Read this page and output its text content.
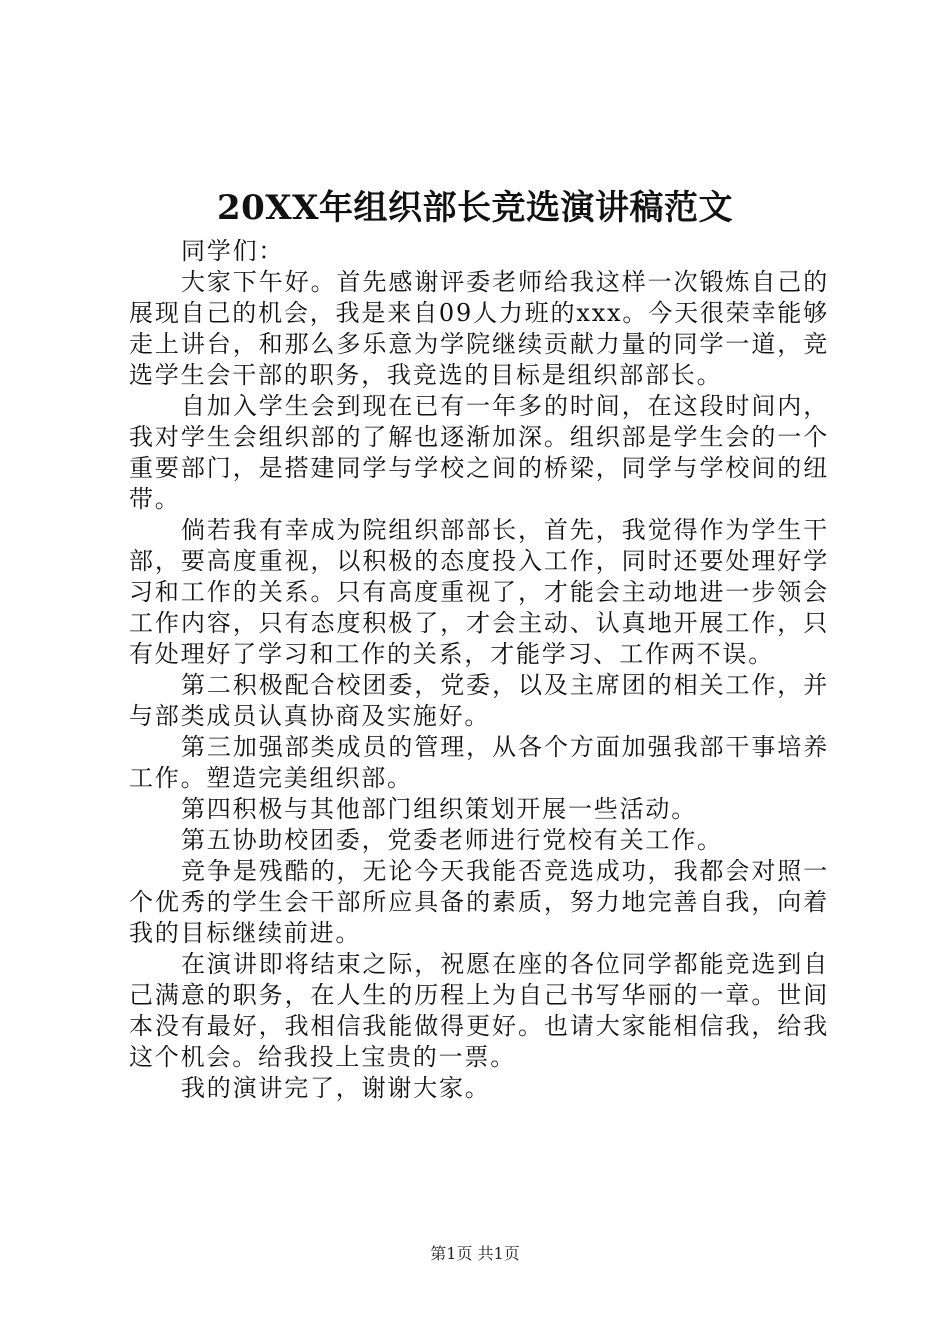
20XX年组织部长竞选演讲稿范文

同学们：

大家下午好。首先感谢评委老师给我这样一次锻炼自己的展现自己的机会，我是来自09人力班的xxx。今天很荣幸能够走上讲台，和那么多乐意为学院继续贡献力量的同学一道，竞选学生会干部的职务，我竞选的目标是组织部部长。

自加入学生会到现在已有一年多的时间，在这段时间内，我对学生会组织部的了解也逐渐加深。组织部是学生会的一个重要部门，是搭建同学与学校之间的桥梁，同学与学校间的纽带。

倘若我有幸成为院组织部部长，首先，我觉得作为学生干部，要高度重视，以积极的态度投入工作，同时还要处理好学习和工作的关系。只有高度重视了，才能会主动地进一步领会工作内容，只有态度积极了，才会主动、认真地开展工作，只有处理好了学习和工作的关系，才能学习、工作两不误。

第二积极配合校团委，党委，以及主席团的相关工作，并与部类成员认真协商及实施好。

第三加强部类成员的管理，从各个方面加强我部干事培养工作。塑造完美组织部。

第四积极与其他部门组织策划开展一些活动。

第五协助校团委，党委老师进行党校有关工作。

竞争是残酷的，无论今天我能否竞选成功，我都会对照一个优秀的学生会干部所应具备的素质，努力地完善自我，向着我的目标继续前进。

在演讲即将结束之际，祝愿在座的各位同学都能竞选到自己满意的职务，在人生的历程上为自己书写华丽的一章。世间本没有最好，我相信我能做得更好。也请大家能相信我，给我这个机会。给我投上宝贵的一票。

我的演讲完了，谢谢大家。

第1页 共1页
